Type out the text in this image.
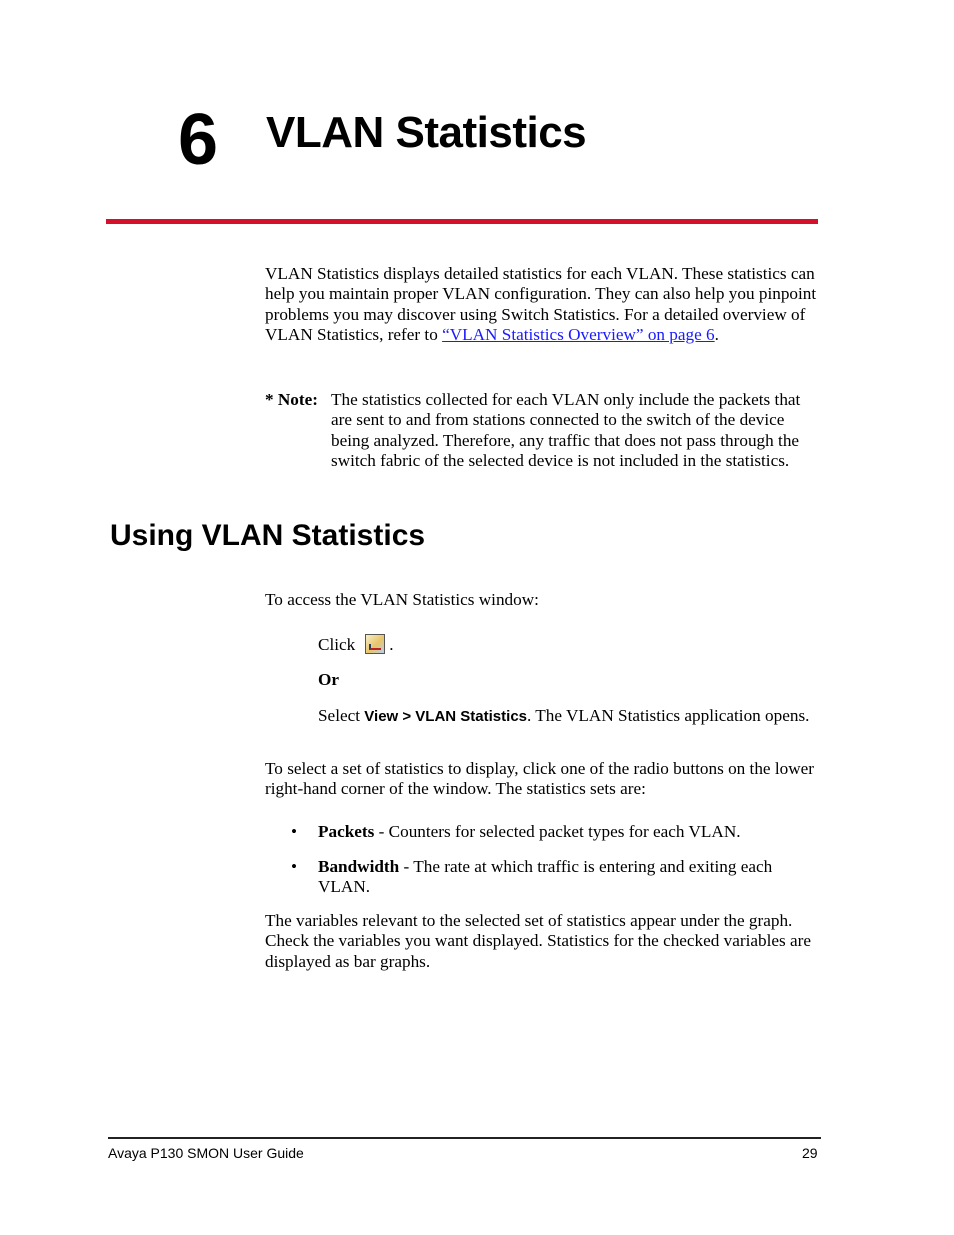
6 VLAN Statistics

VLAN Statistics displays detailed statistics for each VLAN. These statistics can help you maintain proper VLAN configuration. They can also help you pinpoint problems you may discover using Switch Statistics. For a detailed overview of VLAN Statistics, refer to “VLAN Statistics Overview” on page 6.

* Note: The statistics collected for each VLAN only include the packets that are sent to and from stations connected to the switch of the device being analyzed. Therefore, any traffic that does not pass through the switch fabric of the selected device is not included in the statistics.
Using VLAN Statistics

To access the VLAN Statistics window:

Click .

Or

Select View > VLAN Statistics. The VLAN Statistics application opens.

To select a set of statistics to display, click one of the radio buttons on the lower right-hand corner of the window. The statistics sets are:

• Packets - Counters for selected packet types for each VLAN.
• Bandwidth - The rate at which traffic is entering and exiting each VLAN.

The variables relevant to the selected set of statistics appear under the graph. Check the variables you want displayed. Statistics for the checked variables are displayed as bar graphs.

Avaya P130 SMON User Guide	29
